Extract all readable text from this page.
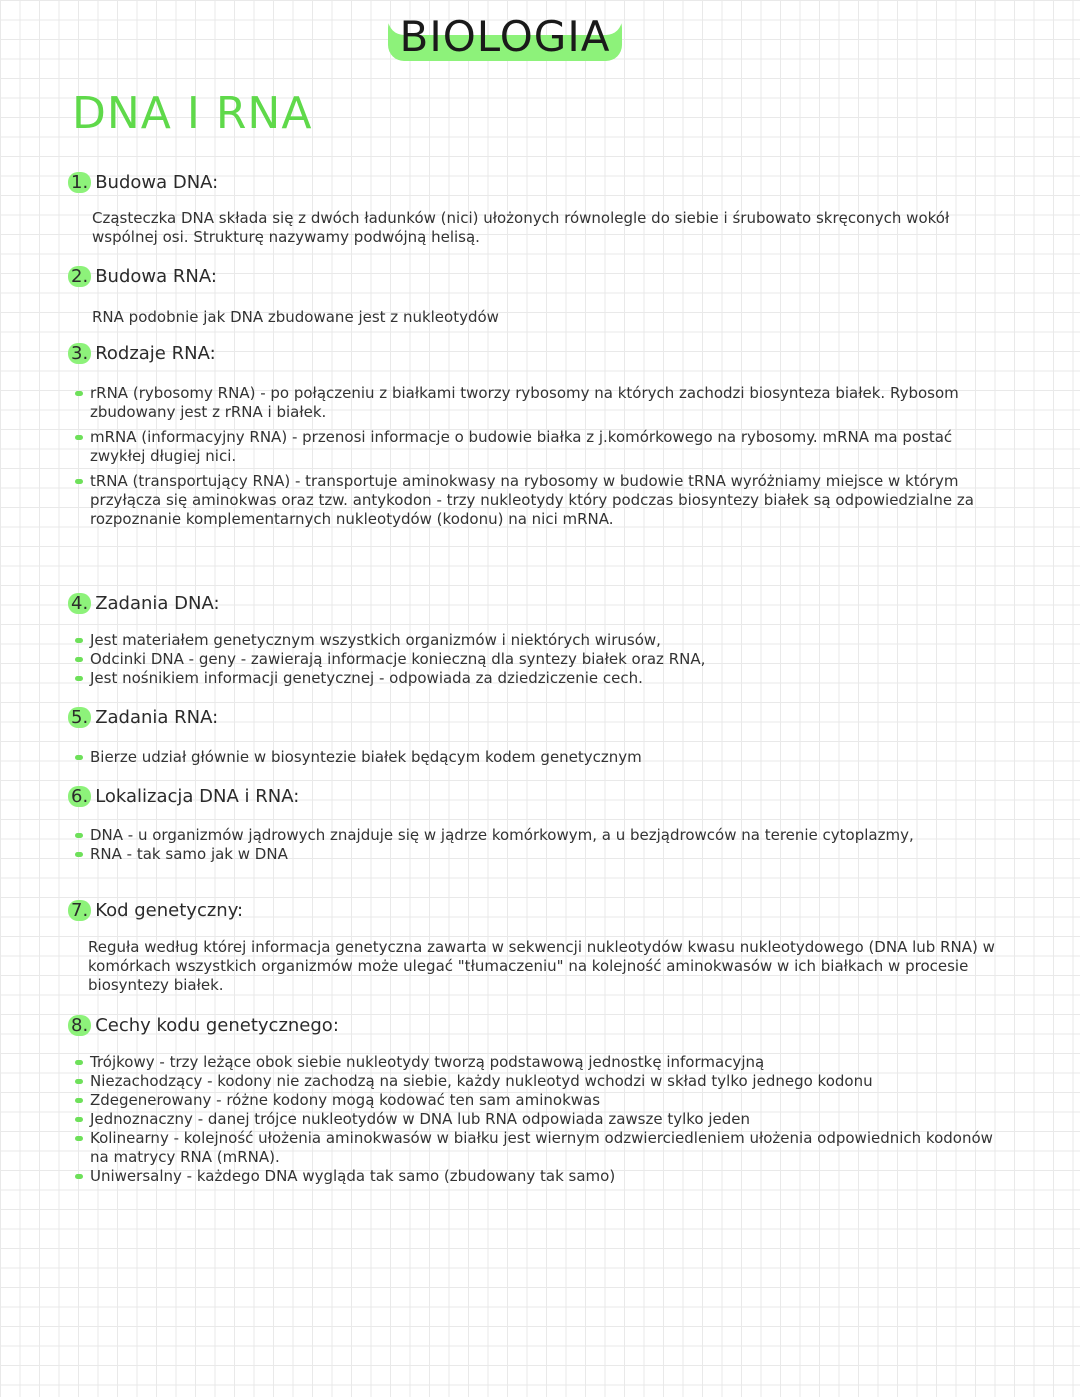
BIOLOGIA
DNA I RNA
1. Budowa DNA:
Cząsteczka DNA składa się z dwóch ładunków (nici) ułożonych równolegle do siebie i śrubowato skręconych wokół wspólnej osi. Strukturę nazywamy podwójną helisą.
2. Budowa RNA:
RNA podobnie jak DNA zbudowane jest z nukleotydów
3. Rodzaje RNA:
rRNA (rybosomy RNA) - po połączeniu z białkami tworzy rybosomy na których zachodzi biosynteza białek. Rybosom zbudowany jest z rRNA i białek.
mRNA (informacyjny RNA) - przenosi informacje o budowie białka z j.komórkowego na rybosomy. mRNA ma postać zwykłej długiej nici.
tRNA (transportujący RNA) - transportuje aminokwasy na rybosomy w budowie tRNA wyróżniamy miejsce w którym przyłącza się aminokwas oraz tzw. antykodon - trzy nukleotydy który podczas biosyntezy białek są odpowiedzialne za rozpoznanie komplementarnych nukleotydów (kodonu) na nici mRNA.
4. Zadania DNA:
Jest materiałem genetycznym wszystkich organizmów i niektórych wirusów,
Odcinki DNA - geny - zawierają informacje konieczną dla syntezy białek oraz RNA,
Jest nośnikiem informacji genetycznej - odpowiada za dziedziczenie cech.
5. Zadania RNA:
Bierze udział głównie w biosyntezie białek będącym kodem genetycznym
6. Lokalizacja DNA i RNA:
DNA - u organizmów jądrowych znajduje się w jądrze komórkowym, a u bezjądrowców na terenie cytoplazmy,
RNA - tak samo jak w DNA
7. Kod genetyczny:
Reguła według której informacja genetyczna zawarta w sekwencji nukleotydów kwasu nukleotydowego (DNA lub RNA) w komórkach wszystkich organizmów może ulegać "tłumaczeniu" na kolejność aminokwasów w ich białkach w procesie biosyntezy białek.
8. Cechy kodu genetycznego:
Trójkowy - trzy leżące obok siebie nukleotydy tworzą podstawową jednostkę informacyjną
Niezachodzący - kodony nie zachodzą na siebie, każdy nukleotyd wchodzi w skład tylko jednego kodonu
Zdegenerowany - różne kodony mogą kodować ten sam aminokwas
Jednoznaczny - danej trójce nukleotydów w DNA lub RNA odpowiada zawsze tylko jeden
Kolinearny - kolejność ułożenia aminokwasów w białku jest wiernym odzwierciedleniem ułożenia odpowiednich kodonów na matrycy RNA (mRNA).
Uniwersalny - każdego DNA wygląda tak samo (zbudowany tak samo)
